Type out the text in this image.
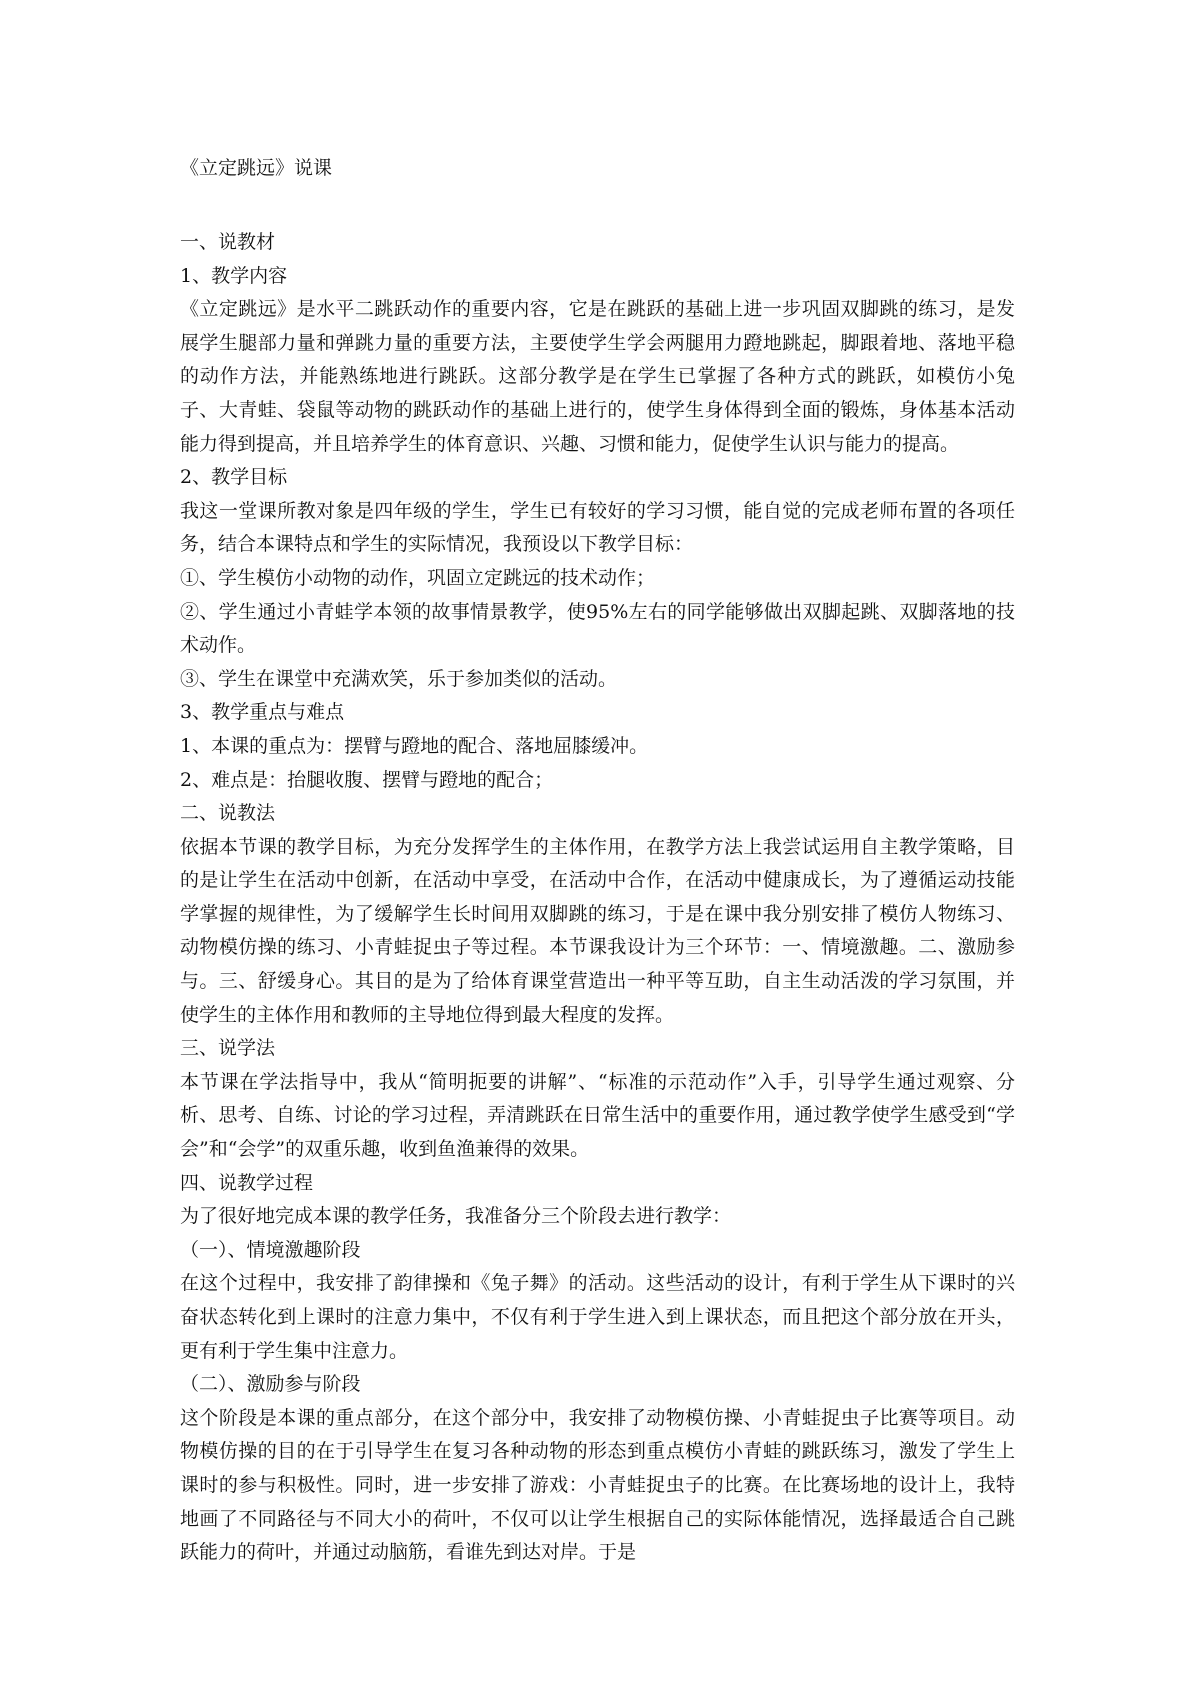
《立定跳远》说课

一、说教材

1、教学内容

《立定跳远》是水平二跳跃动作的重要内容，它是在跳跃的基础上进一步巩固双脚跳的练习，是发展学生腿部力量和弹跳力量的重要方法，主要使学生学会两腿用力蹬地跳起，脚跟着地、落地平稳的动作方法，并能熟练地进行跳跃。这部分教学是在学生已掌握了各种方式的跳跃，如模仿小兔子、大青蛙、袋鼠等动物的跳跃动作的基础上进行的，使学生身体得到全面的锻炼，身体基本活动能力得到提高，并且培养学生的体育意识、兴趣、习惯和能力，促使学生认识与能力的提高。

2、教学目标

我这一堂课所教对象是四年级的学生，学生已有较好的学习习惯，能自觉的完成老师布置的各项任务，结合本课特点和学生的实际情况，我预设以下教学目标：

①、学生模仿小动物的动作，巩固立定跳远的技术动作；

②、学生通过小青蛙学本领的故事情景教学，使95%左右的同学能够做出双脚起跳、双脚落地的技术动作。

③、学生在课堂中充满欢笑，乐于参加类似的活动。

3、教学重点与难点

1、本课的重点为：摆臂与蹬地的配合、落地屈膝缓冲。

2、难点是：抬腿收腹、摆臂与蹬地的配合；

二、说教法

依据本节课的教学目标，为充分发挥学生的主体作用，在教学方法上我尝试运用自主教学策略，目的是让学生在活动中创新，在活动中享受，在活动中合作，在活动中健康成长，为了遵循运动技能学掌握的规律性，为了缓解学生长时间用双脚跳的练习，于是在课中我分别安排了模仿人物练习、动物模仿操的练习、小青蛙捉虫子等过程。本节课我设计为三个环节：一、情境激趣。二、激励参与。三、舒缓身心。其目的是为了给体育课堂营造出一种平等互助，自主生动活泼的学习氛围，并使学生的主体作用和教师的主导地位得到最大程度的发挥。

三、说学法

本节课在学法指导中，我从“简明扼要的讲解”、“标准的示范动作”入手，引导学生通过观察、分析、思考、自练、讨论的学习过程，弄清跳跃在日常生活中的重要作用，通过教学使学生感受到“学会”和“会学”的双重乐趣，收到鱼渔兼得的效果。

四、说教学过程

为了很好地完成本课的教学任务，我准备分三个阶段去进行教学：

（一）、情境激趣阶段

在这个过程中，我安排了韵律操和《兔子舞》的活动。这些活动的设计，有利于学生从下课时的兴奋状态转化到上课时的注意力集中，不仅有利于学生进入到上课状态，而且把这个部分放在开头，更有利于学生集中注意力。

（二）、激励参与阶段

这个阶段是本课的重点部分，在这个部分中，我安排了动物模仿操、小青蛙捉虫子比赛等项目。动物模仿操的目的在于引导学生在复习各种动物的形态到重点模仿小青蛙的跳跃练习，激发了学生上课时的参与积极性。同时，进一步安排了游戏：小青蛙捉虫子的比赛。在比赛场地的设计上，我特地画了不同路径与不同大小的荷叶，不仅可以让学生根据自己的实际体能情况，选择最适合自己跳跃能力的荷叶，并通过动脑筋，看谁先到达对岸。于是
